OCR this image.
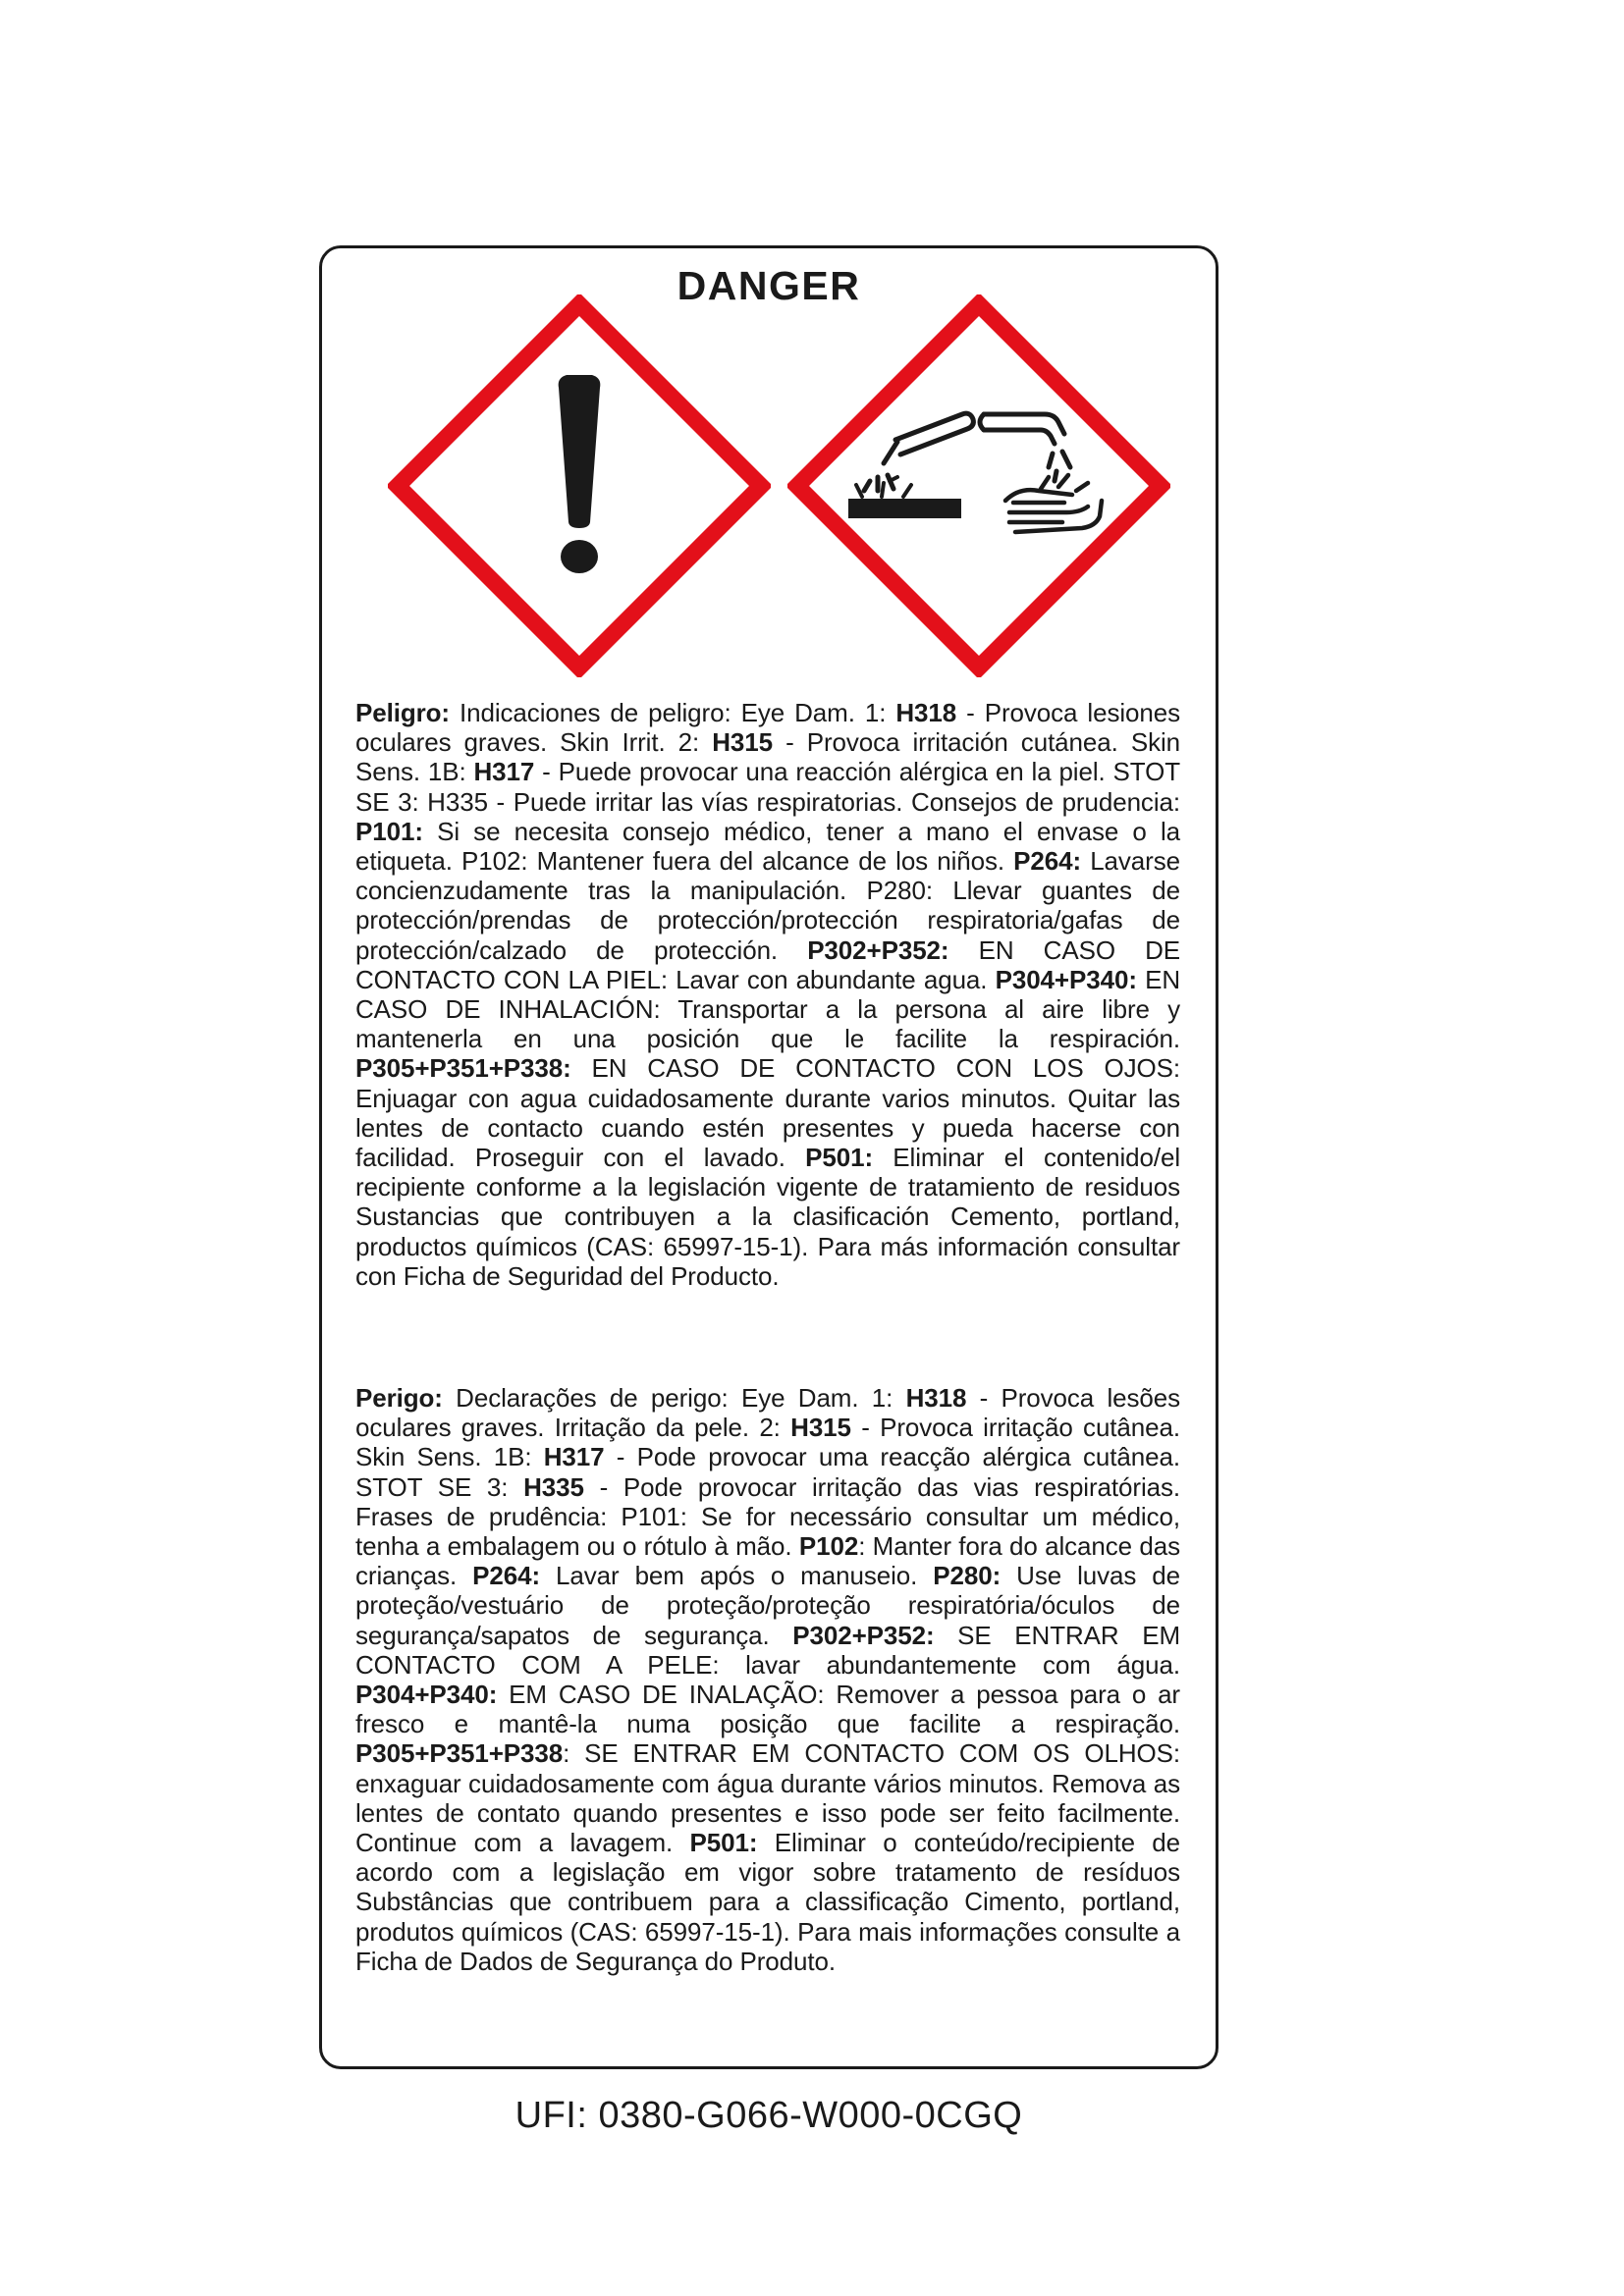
DANGER

Peligro: Indicaciones de peligro: Eye Dam. 1: H318 - Provoca lesiones oculares graves. Skin Irrit. 2: H315 - Provoca irritación cutánea. Skin Sens. 1B: H317 - Puede provocar una reacción alérgica en la piel. STOT SE 3: H335 - Puede irritar las vías respiratorias. Consejos de prudencia: P101: Si se necesita consejo médico, tener a mano el envase o la etiqueta. P102: Mantener fuera del alcance de los niños. P264: Lavarse concienzudamente tras la manipulación. P280: Llevar guantes de protección/prendas de protección/protección respiratoria/gafas de protección/calzado de protección. P302+P352: EN CASO DE CONTACTO CON LA PIEL: Lavar con abundante agua. P304+P340: EN CASO DE INHALACIÓN: Transportar a la persona al aire libre y mantenerla en una posición que le facilite la respiración. P305+P351+P338: EN CASO DE CONTACTO CON LOS OJOS: Enjuagar con agua cuidadosamente durante varios minutos. Quitar las lentes de contacto cuando estén presentes y pueda hacerse con facilidad. Proseguir con el lavado. P501: Eliminar el contenido/el recipiente conforme a la legislación vigente de tratamiento de residuos Sustancias que contribuyen a la clasificación Cemento, portland, productos químicos (CAS: 65997-15-1). Para más información consultar con Ficha de Seguridad del Producto.

Perigo: Declarações de perigo: Eye Dam. 1: H318 - Provoca lesões oculares graves. Irritação da pele. 2: H315 - Provoca irritação cutânea. Skin Sens. 1B: H317 - Pode provocar uma reacção alérgica cutânea. STOT SE 3: H335 - Pode provocar irritação das vias respiratórias. Frases de prudência: P101: Se for necessário consultar um médico, tenha a embalagem ou o rótulo à mão. P102: Manter fora do alcance das crianças. P264: Lavar bem após o manuseio. P280: Use luvas de proteção/vestuário de proteção/proteção respiratória/óculos de segurança/sapatos de segurança. P302+P352: SE ENTRAR EM CONTACTO COM A PELE: lavar abundantemente com água. P304+P340: EM CASO DE INALAÇÃO: Remover a pessoa para o ar fresco e mantê-la numa posição que facilite a respiração. P305+P351+P338: SE ENTRAR EM CONTACTO COM OS OLHOS: enxaguar cuidadosamente com água durante vários minutos. Remova as lentes de contato quando presentes e isso pode ser feito facilmente. Continue com a lavagem. P501: Eliminar o conteúdo/recipiente de acordo com a legislação em vigor sobre tratamento de resíduos Substâncias que contribuem para a classificação Cimento, portland, produtos químicos (CAS: 65997-15-1). Para mais informações consulte a Ficha de Dados de Segurança do Produto.

UFI: 0380-G066-W000-0CGQ
